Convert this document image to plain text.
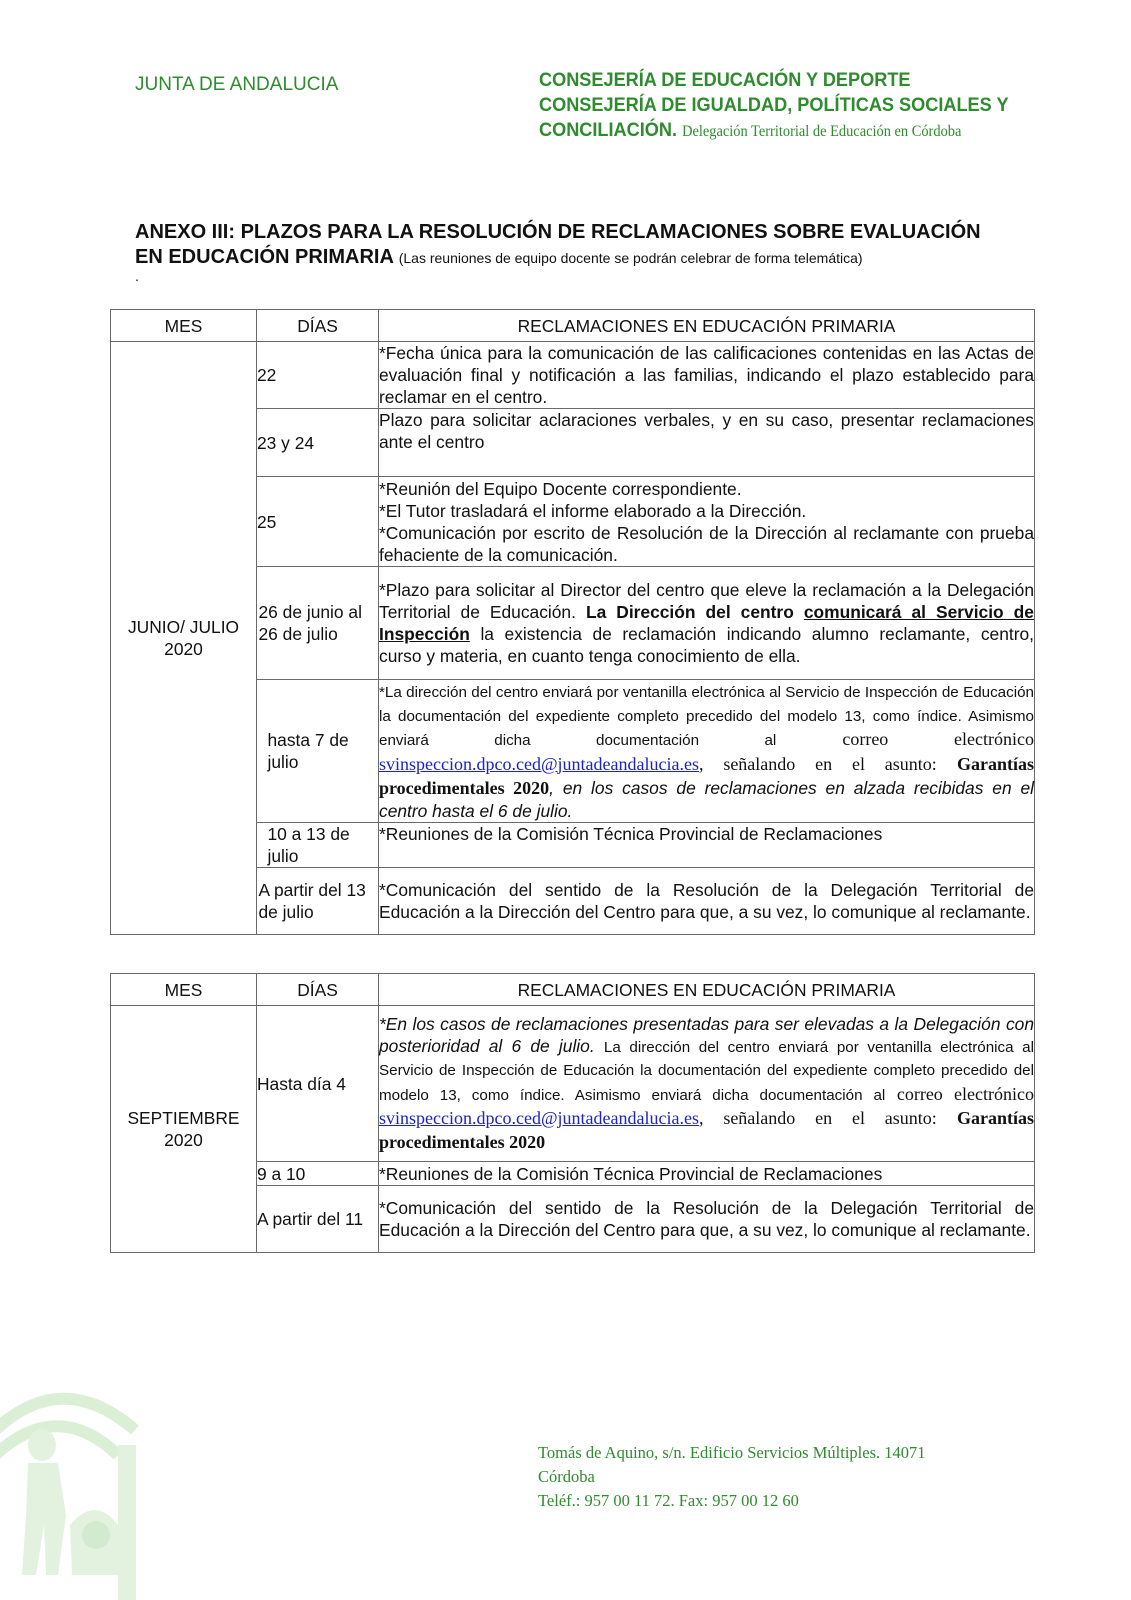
JUNTA DE ANDALUCIA	CONSEJERÍA DE EDUCACIÓN Y DEPORTE
CONSEJERÍA DE IGUALDAD, POLÍTICAS SOCIALES Y
CONCILIACIÓN. Delegación Territorial de Educación en Córdoba
ANEXO III: PLAZOS PARA LA RESOLUCIÓN DE RECLAMACIONES SOBRE EVALUACIÓN
EN EDUCACIÓN PRIMARIA (Las reuniones de equipo docente se podrán celebrar de forma telemática)
.
MES	DÍAS	RECLAMACIONES EN EDUCACIÓN PRIMARIA

JUNIO/ JULIO 2020	22	*Fecha única para la comunicación de las calificaciones contenidas en las Actas de evaluación final y notificación a las familias, indicando el plazo establecido para reclamar en el centro.
	23 y 24	Plazo para solicitar aclaraciones verbales, y en su caso, presentar reclamaciones ante el centro
	25	*Reunión del Equipo Docente correspondiente.
*El Tutor trasladará el informe elaborado a la Dirección.
*Comunicación por escrito de Resolución de la Dirección al reclamante con prueba fehaciente de la comunicación.

	26 de junio al 26 de julio	*Plazo para solicitar al Director del centro que eleve la reclamación a la Delegación Territorial de Educación. La Dirección del centro comunicará al Servicio de Inspección la existencia de reclamación indicando alumno reclamante, centro, curso y materia, en cuanto tenga conocimiento de ella.

	hasta 7 de julio	*La dirección del centro enviará por ventanilla electrónica al Servicio de Inspección de Educación la documentación del expediente completo precedido del modelo 13, como índice. Asimismo enviará dicha documentación al correo electrónico svinspeccion.dpco.ced@juntadeandalucia.es, señalando en el asunto: Garantías procedimentales 2020, en los casos de reclamaciones en alzada recibidas en el centro hasta el 6 de julio.

	10 a 13 de julio	*Reuniones de la Comisión Técnica Provincial de Reclamaciones

	A partir del 13 de julio	*Comunicación del sentido de la Resolución de la Delegación Territorial de Educación a la Dirección del Centro para que, a su vez, lo comunique al reclamante.
MES	DÍAS	RECLAMACIONES EN EDUCACIÓN PRIMARIA

SEPTIEMBRE 2020	Hasta día 4	*En los casos de reclamaciones presentadas para ser elevadas a la Delegación con posterioridad al 6 de julio. La dirección del centro enviará por ventanilla electrónica al Servicio de Inspección de Educación la documentación del expediente completo precedido del modelo 13, como índice. Asimismo enviará dicha documentación al correo electrónico svinspeccion.dpco.ced@juntadeandalucia.es, señalando en el asunto: Garantías procedimentales 2020
	9 a 10	*Reuniones de la Comisión Técnica Provincial de Reclamaciones
	A partir del 11	*Comunicación del sentido de la Resolución de la Delegación Territorial de Educación a la Dirección del Centro para que, a su vez, lo comunique al reclamante.
Tomás de Aquino, s/n. Edificio Servicios Múltiples. 14071
Córdoba
Teléf.: 957 00 11 72. Fax: 957 00 12 60
